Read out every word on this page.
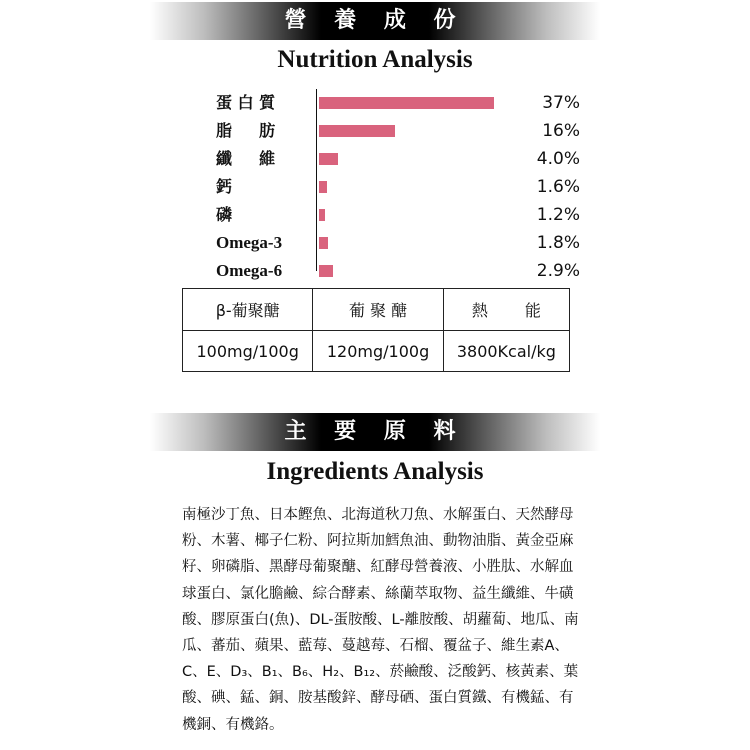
營 養 成 份
Nutrition Analysis
蛋 白 質	37%
脂 　 肪	16%
纖 　 維	4.0%
鈣	1.6%
磷	1.2%
Omega-3	1.8%
Omega-6	2.9%
β-葡聚醣	葡 聚 醣	熱　 　能
100mg/100g	120mg/100g	3800Kcal/kg
主 要 原 料
Ingredients Analysis

南極沙丁魚、日本鰹魚、北海道秋刀魚、水解蛋白、天然酵母粉、木薯、椰子仁粉、阿拉斯加鱈魚油、動物油脂、黃金亞麻籽、卵磷脂、黑酵母葡聚醣、紅酵母營養液、小胜肽、水解血球蛋白、氯化膽鹼、綜合酵素、絲蘭萃取物、益生纖維、牛磺酸、膠原蛋白(魚)、DL-蛋胺酸、L-離胺酸、胡蘿蔔、地瓜、南瓜、蕃茄、蘋果、藍莓、蔓越莓、石榴、覆盆子、維生素A、C、E、D₃、B₁、B₆、H₂、B₁₂、菸鹼酸、泛酸鈣、核黃素、葉酸、碘、錳、銅、胺基酸鋅、酵母硒、蛋白質鐵、有機錳、有機銅、有機鉻。
